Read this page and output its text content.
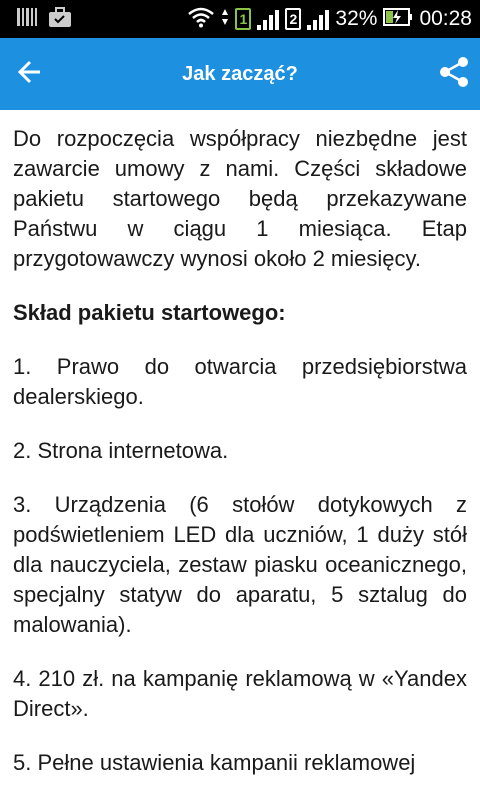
1	2 32% 00:28
Jak zacząć?

Do rozpoczęcia współpracy niezbędne jest zawarcie umowy z nami. Części składowe pakietu startowego będą przekazywane Państwu w ciągu 1 miesiąca. Etap przygotowawczy wynosi około 2 miesięcy.

Skład pakietu startowego:

1. Prawo do otwarcia przedsiębiorstwa dealerskiego.

2. Strona internetowa.

3. Urządzenia (6 stołów dotykowych z podświetleniem LED dla uczniów, 1 duży stół dla nauczyciela, zestaw piasku oceanicznego, specjalny statyw do aparatu, 5 sztalug do malowania).

4. 210 zł. na kampanię reklamową w «Yandex Direct».

5. Pełne ustawienia kampanii reklamowej
